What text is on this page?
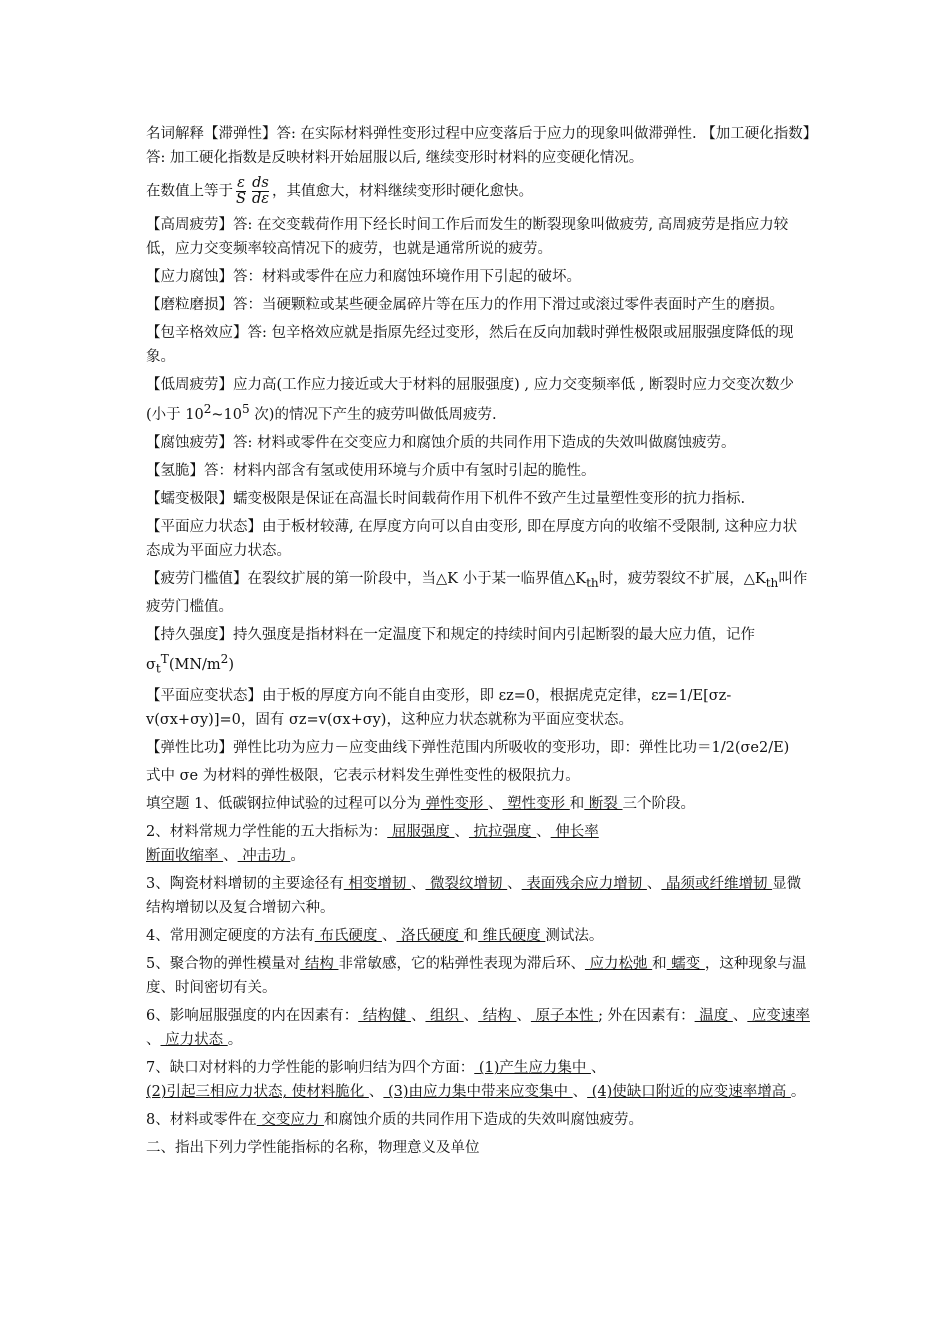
名词解释【滞弹性】答: 在实际材料弹性变形过程中应变落后于应力的现象叫做滞弹性. 【加工硬化指数】答: 加工硬化指数是反映材料开始屈服以后, 继续变形时材料的应变硬化情况。

在数值上等于 $\frac{\varepsilon}{S} \frac{ds}{d\varepsilon}$ ，其值愈大，材料继续变形时硬化愈快。

【高周疲劳】答: 在交变载荷作用下经长时间工作后而发生的断裂现象叫做疲劳, 高周疲劳是指应力较低，应力交变频率较高情况下的疲劳，也就是通常所说的疲劳。

【应力腐蚀】答：材料或零件在应力和腐蚀环境作用下引起的破坏。

【磨粒磨损】答：当硬颗粒或某些硬金属碎片等在压力的作用下滑过或滚过零件表面时产生的磨损。

【包辛格效应】答: 包辛格效应就是指原先经过变形，然后在反向加载时弹性极限或屈服强度降低的现象。

【低周疲劳】应力高(工作应力接近或大于材料的屈服强度) , 应力交变频率低 , 断裂时应力交变次数少(小于 $10^2\sim 10^5$ 次)的情况下产生的疲劳叫做低周疲劳.

【腐蚀疲劳】答: 材料或零件在交变应力和腐蚀介质的共同作用下造成的失效叫做腐蚀疲劳。

【氢脆】答：材料内部含有氢或使用环境与介质中有氢时引起的脆性。

【蠕变极限】蠕变极限是保证在高温长时间载荷作用下机件不致产生过量塑性变形的抗力指标.

【平面应力状态】由于板材较薄, 在厚度方向可以自由变形, 即在厚度方向的收缩不受限制, 这种应力状态成为平面应力状态。

【疲劳门槛值】在裂纹扩展的第一阶段中，当△K 小于某一临界值$\triangle K_{th}$时，疲劳裂纹不扩展，$\triangle K_{th}$叫作疲劳门槛值。

【持久强度】持久强度是指材料在一定温度下和规定的持续时间内引起断裂的最大应力值，记作 $\sigma_t^T(MN/m^2)$

【平面应变状态】由于板的厚度方向不能自由变形，即 εz=0，根据虎克定律，εz=1/E[σz-v(σx+σy)]=0，固有 σz=v(σx+σy)，这种应力状态就称为平面应变状态。

【弹性比功】弹性比功为应力－应变曲线下弹性范围内所吸收的变形功，即：弹性比功＝1/2(σe2/E)

式中 σe 为材料的弹性极限，它表示材料发生弹性变性的极限抗力。

填空题 1、低碳钢拉伸试验的过程可以分为 弹性变形 、 塑性变形 和 断裂 三个阶段。

2、材料常规力学性能的五大指标为： 屈服强度 、 抗拉强度 、 伸长率
断面收缩率 、 冲击功 。

3、陶瓷材料增韧的主要途径有 相变增韧 、 微裂纹增韧 、 表面残余应力增韧 、 晶须或纤维增韧 显微结构增韧以及复合增韧六种。

4、常用测定硬度的方法有 布氏硬度 、 洛氏硬度 和 维氏硬度 测试法。

5、聚合物的弹性模量对 结构 非常敏感，它的粘弹性表现为滞后环、 应力松弛 和 蠕变 ，这种现象与温度、时间密切有关。

6、影响屈服强度的内在因素有： 结构健 、 组织 、 结构 、 原子本性 ; 外在因素有： 温度 、 应变速率 、 应力状态 。

7、缺口对材料的力学性能的影响归结为四个方面： (1)产生应力集中 、
(2)引起三相应力状态, 使材料脆化 、 (3)由应力集中带来应变集中 、 (4)使缺口附近的应变速率增高 。

8、材料或零件在 交变应力 和腐蚀介质的共同作用下造成的失效叫腐蚀疲劳。

二、指出下列力学性能指标的名称，物理意义及单位
